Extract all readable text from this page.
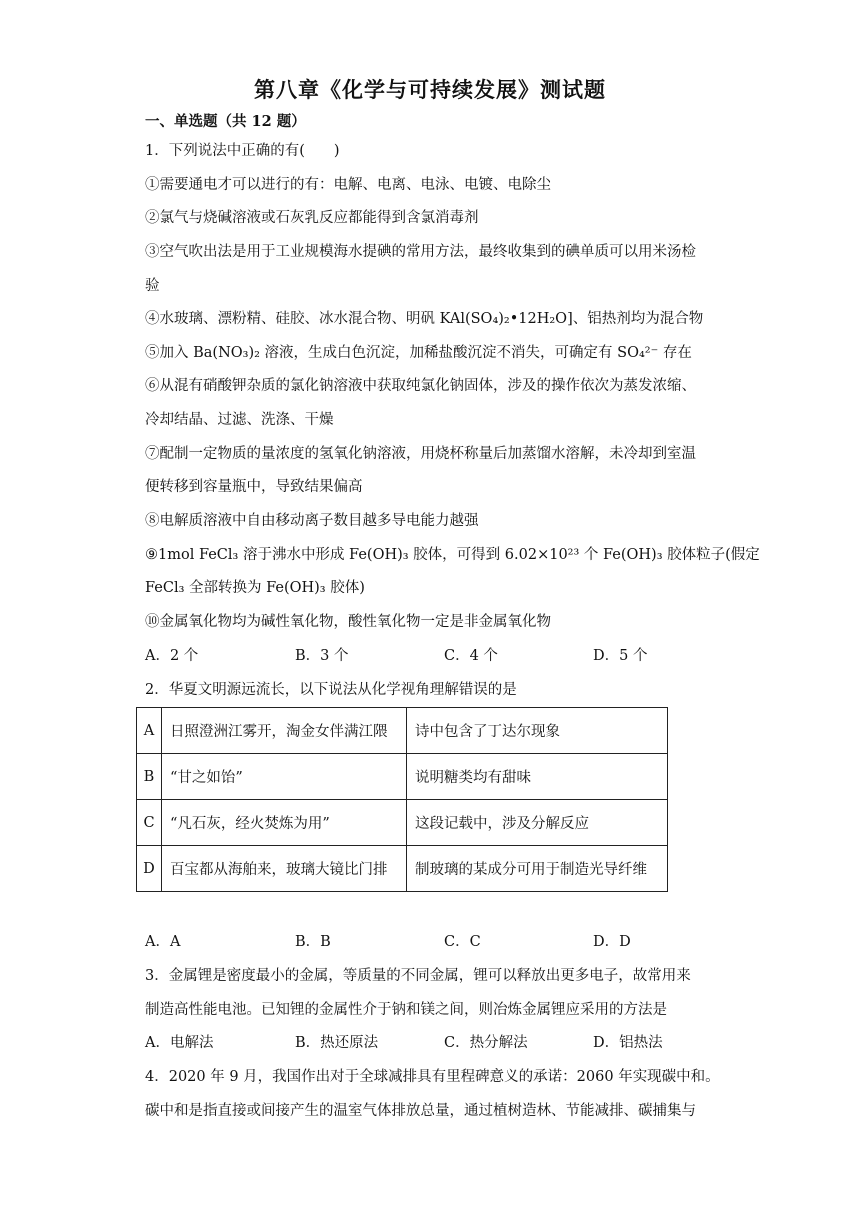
第八章《化学与可持续发展》测试题
一、单选题（共 12 题）
1．下列说法中正确的有(　　)
①需要通电才可以进行的有：电解、电离、电泳、电镀、电除尘
②氯气与烧碱溶液或石灰乳反应都能得到含氯消毒剂
③空气吹出法是用于工业规模海水提碘的常用方法，最终收集到的碘单质可以用米汤检
验
④水玻璃、漂粉精、硅胶、冰水混合物、明矾 KAl(SO₄)₂•12H₂O]、铝热剂均为混合物
⑤加入 Ba(NO₃)₂ 溶液，生成白色沉淀，加稀盐酸沉淀不消失，可确定有 SO₄²⁻ 存在
⑥从混有硝酸钾杂质的氯化钠溶液中获取纯氯化钠固体，涉及的操作依次为蒸发浓缩、
冷却结晶、过滤、洗涤、干燥
⑦配制一定物质的量浓度的氢氧化钠溶液，用烧杯称量后加蒸馏水溶解，未冷却到室温
便转移到容量瓶中，导致结果偏高
⑧电解质溶液中自由移动离子数目越多导电能力越强
⑨1mol FeCl₃ 溶于沸水中形成 Fe(OH)₃ 胶体，可得到 6.02×10²³ 个 Fe(OH)₃ 胶体粒子(假定
FeCl₃ 全部转换为 Fe(OH)₃ 胶体)
⑩金属氧化物均为碱性氧化物，酸性氧化物一定是非金属氧化物
A．2 个	B．3 个	C．4 个	D．5 个
2．华夏文明源远流长，以下说法从化学视角理解错误的是
A	日照澄洲江雾开，淘金女伴满江隈	诗中包含了丁达尔现象
B	“甘之如饴”	说明糖类均有甜味
C	“凡石灰，经火焚炼为用”	这段记载中，涉及分解反应
D	百宝都从海舶来，玻璃大镜比门排	制玻璃的某成分可用于制造光导纤维
A．A	B．B	C．C	D．D
3．金属锂是密度最小的金属，等质量的不同金属，锂可以释放出更多电子，故常用来
制造高性能电池。已知锂的金属性介于钠和镁之间，则冶炼金属锂应采用的方法是
A．电解法	B．热还原法	C．热分解法	D．铝热法
4．2020 年 9 月，我国作出对于全球减排具有里程碑意义的承诺：2060 年实现碳中和。
碳中和是指直接或间接产生的温室气体排放总量，通过植树造林、节能减排、碳捕集与
